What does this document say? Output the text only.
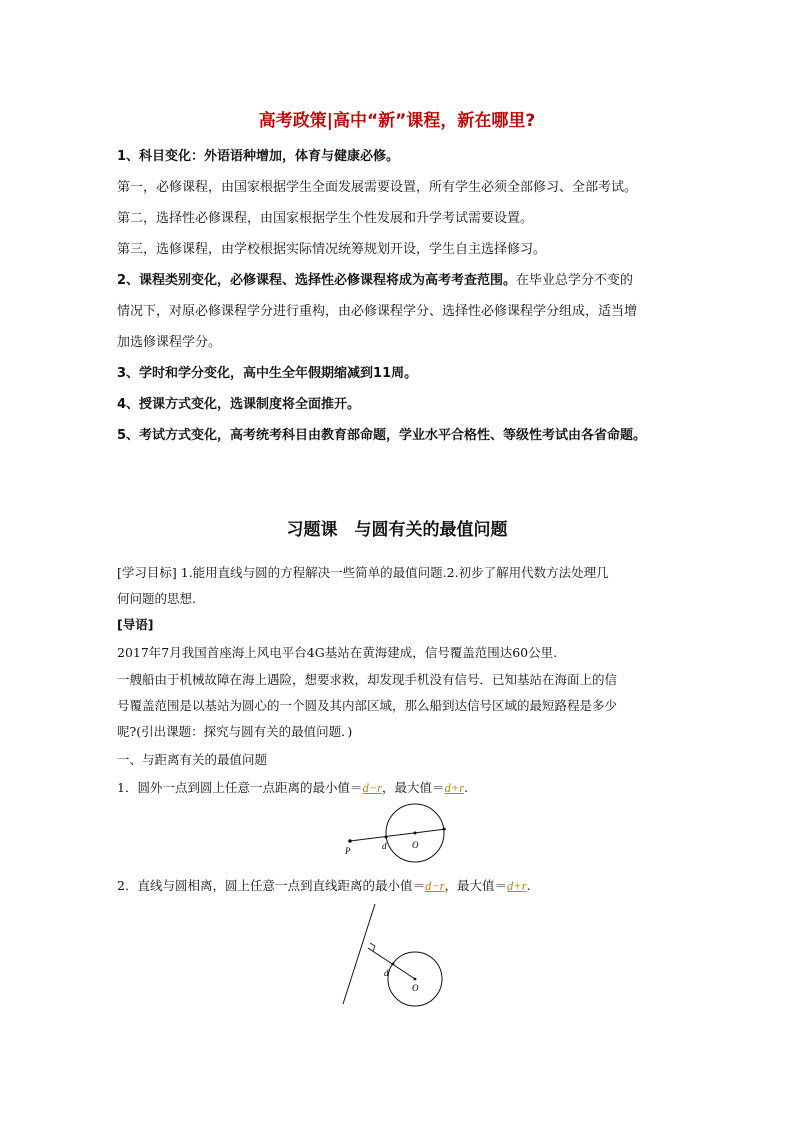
高考政策|高中“新”课程，新在哪里?
1、科目变化：外语语种增加，体育与健康必修。
第一，必修课程，由国家根据学生全面发展需要设置，所有学生必须全部修习、全部考试。
第二，选择性必修课程，由国家根据学生个性发展和升学考试需要设置。
第三，选修课程，由学校根据实际情况统筹规划开设，学生自主选择修习。
2、课程类别变化，必修课程、选择性必修课程将成为高考考查范围。在毕业总学分不变的
情况下，对原必修课程学分进行重构，由必修课程学分、选择性必修课程学分组成，适当增
加选修课程学分。
3、学时和学分变化，高中生全年假期缩减到11周。
4、授课方式变化，选课制度将全面推开。
5、考试方式变化，高考统考科目由教育部命题，学业水平合格性、等级性考试由各省命题。
习题课　与圆有关的最值问题
[学习目标] 1.能用直线与圆的方程解决一些简单的最值问题.2.初步了解用代数方法处理几
何问题的思想.
[导语]
2017年7月我国首座海上风电平台4G基站在黄海建成，信号覆盖范围达60公里.
一艘船由于机械故障在海上遇险，想要求救，却发现手机没有信号．已知基站在海面上的信
号覆盖范围是以基站为圆心的一个圆及其内部区域，那么船到达信号区域的最短路程是多少
呢?(引出课题：探究与圆有关的最值问题．)
一、与距离有关的最值问题
1．圆外一点到圆上任意一点距离的最小值＝d−r，最大值＝d+r.
P	d	O
2．直线与圆相离，圆上任意一点到直线距离的最小值＝d−r，最大值＝d+r.
d
O
